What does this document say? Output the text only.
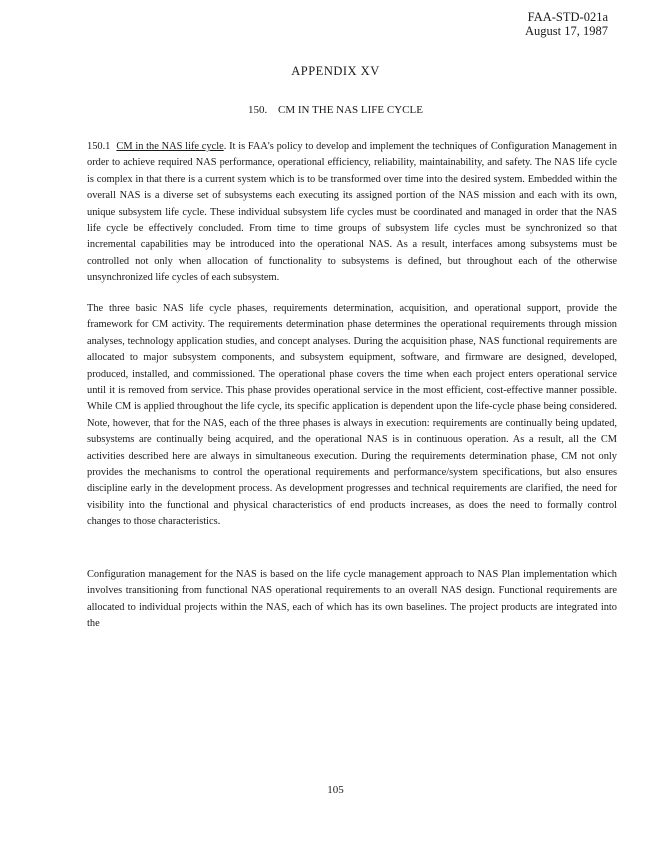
FAA-STD-021a
August 17, 1987
APPENDIX XV
150. CM IN THE NAS LIFE CYCLE

150.1 CM in the NAS life cycle. It is FAA's policy to develop and implement the techniques of Configuration Management in order to achieve required NAS performance, operational efficiency, reliability, maintainability, and safety. The NAS life cycle is complex in that there is a current system which is to be transformed over time into the desired system. Embedded within the overall NAS is a diverse set of subsystems each executing its assigned portion of the NAS mission and each with its own, unique subsystem life cycle. These individual subsystem life cycles must be coordinated and managed in order that the NAS life cycle be effectively concluded. From time to time groups of subsystem life cycles must be synchronized so that incremental capabilities may be introduced into the operational NAS. As a result, interfaces among subsystems must be controlled not only when allocation of functionality to subsystems is defined, but throughout each of the otherwise unsynchronized life cycles of each subsystem.

The three basic NAS life cycle phases, requirements determination, acquisition, and operational support, provide the framework for CM activity. The requirements determination phase determines the operational requirements through mission analyses, technology application studies, and concept analyses. During the acquisition phase, NAS functional requirements are allocated to major subsystem components, and subsystem equipment, software, and firmware are designed, developed, produced, installed, and commissioned. The operational phase covers the time when each project enters operational service until it is removed from service. This phase provides operational service in the most efficient, cost-effective manner possible. While CM is applied throughout the life cycle, its specific application is dependent upon the life-cycle phase being considered. Note, however, that for the NAS, each of the three phases is always in execution: requirements are continually being updated, subsystems are continually being acquired, and the operational NAS is in continuous operation. As a result, all the CM activities described here are always in simultaneous execution. During the requirements determination phase, CM not only provides the mechanisms to control the operational requirements and performance/system specifications, but also ensures discipline early in the development process. As development progresses and technical requirements are clarified, the need for visibility into the functional and physical characteristics of end products increases, as does the need to formally control changes to those characteristics.

Configuration management for the NAS is based on the life cycle management approach to NAS Plan implementation which involves transitioning from functional NAS operational requirements to an overall NAS design. Functional requirements are allocated to individual projects within the NAS, each of which has its own baselines. The project products are integrated into the

105
